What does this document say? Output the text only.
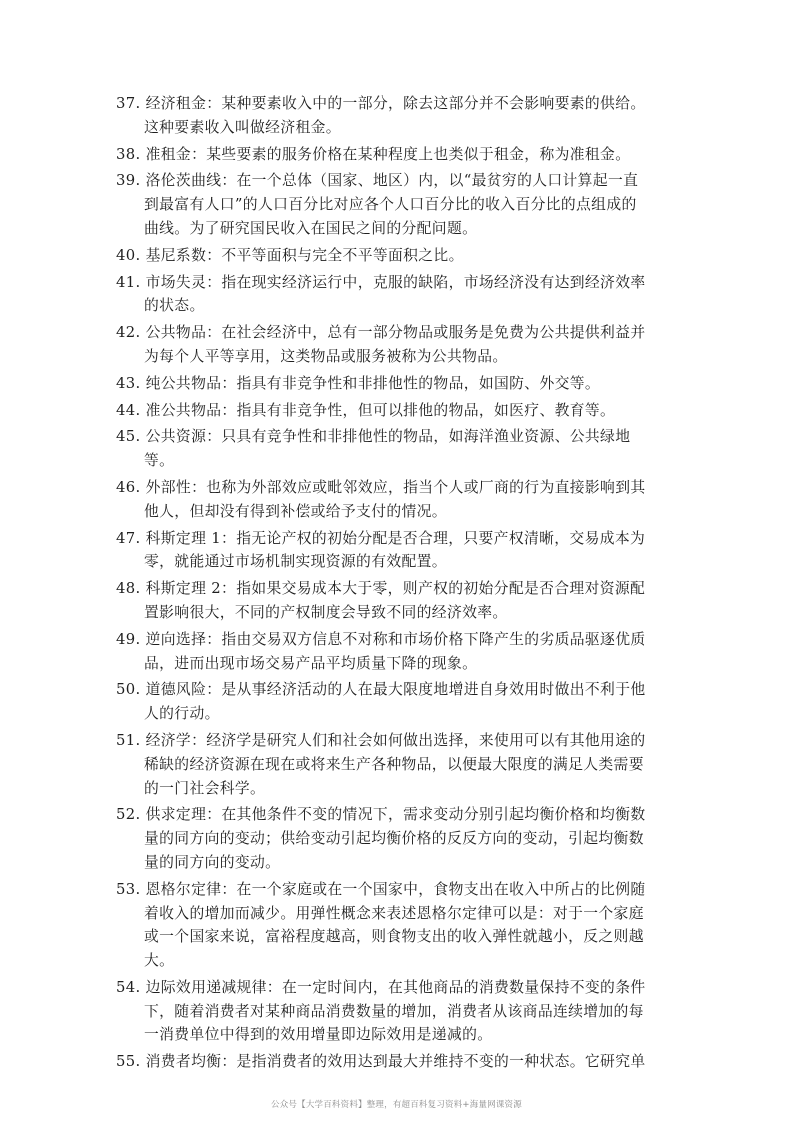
37. 经济租金：某种要素收入中的一部分，除去这部分并不会影响要素的供给。
这种要素收入叫做经济租金。
38. 准租金：某些要素的服务价格在某种程度上也类似于租金，称为准租金。
39. 洛伦茨曲线：在一个总体（国家、地区）内，以“最贫穷的人口计算起一直
到最富有人口”的人口百分比对应各个人口百分比的收入百分比的点组成的
曲线。为了研究国民收入在国民之间的分配问题。
40. 基尼系数：不平等面积与完全不平等面积之比。
41. 市场失灵：指在现实经济运行中，克服的缺陷，市场经济没有达到经济效率
的状态。
42. 公共物品：在社会经济中，总有一部分物品或服务是免费为公共提供利益并
为每个人平等享用，这类物品或服务被称为公共物品。
43. 纯公共物品：指具有非竞争性和非排他性的物品，如国防、外交等。
44. 准公共物品：指具有非竞争性，但可以排他的物品，如医疗、教育等。
45. 公共资源：只具有竞争性和非排他性的物品，如海洋渔业资源、公共绿地
等。
46. 外部性：也称为外部效应或毗邻效应，指当个人或厂商的行为直接影响到其
他人，但却没有得到补偿或给予支付的情况。
47. 科斯定理 1：指无论产权的初始分配是否合理，只要产权清晰，交易成本为
零，就能通过市场机制实现资源的有效配置。
48. 科斯定理 2：指如果交易成本大于零，则产权的初始分配是否合理对资源配
置影响很大，不同的产权制度会导致不同的经济效率。
49. 逆向选择：指由交易双方信息不对称和市场价格下降产生的劣质品驱逐优质
品，进而出现市场交易产品平均质量下降的现象。
50. 道德风险：是从事经济活动的人在最大限度地增进自身效用时做出不利于他
人的行动。
51. 经济学：经济学是研究人们和社会如何做出选择，来使用可以有其他用途的
稀缺的经济资源在现在或将来生产各种物品，以便最大限度的满足人类需要
的一门社会科学。
52. 供求定理：在其他条件不变的情况下，需求变动分别引起均衡价格和均衡数
量的同方向的变动；供给变动引起均衡价格的反反方向的变动，引起均衡数
量的同方向的变动。
53. 恩格尔定律：在一个家庭或在一个国家中，食物支出在收入中所占的比例随
着收入的增加而减少。用弹性概念来表述恩格尔定律可以是：对于一个家庭
或一个国家来说，富裕程度越高，则食物支出的收入弹性就越小，反之则越
大。
54. 边际效用递减规律：在一定时间内，在其他商品的消费数量保持不变的条件
下，随着消费者对某种商品消费数量的增加，消费者从该商品连续增加的每
一消费单位中得到的效用增量即边际效用是递减的。
55. 消费者均衡：是指消费者的效用达到最大并维持不变的一种状态。它研究单
公众号【大学百科资料】整理，有超百科复习资料+海量网课资源
